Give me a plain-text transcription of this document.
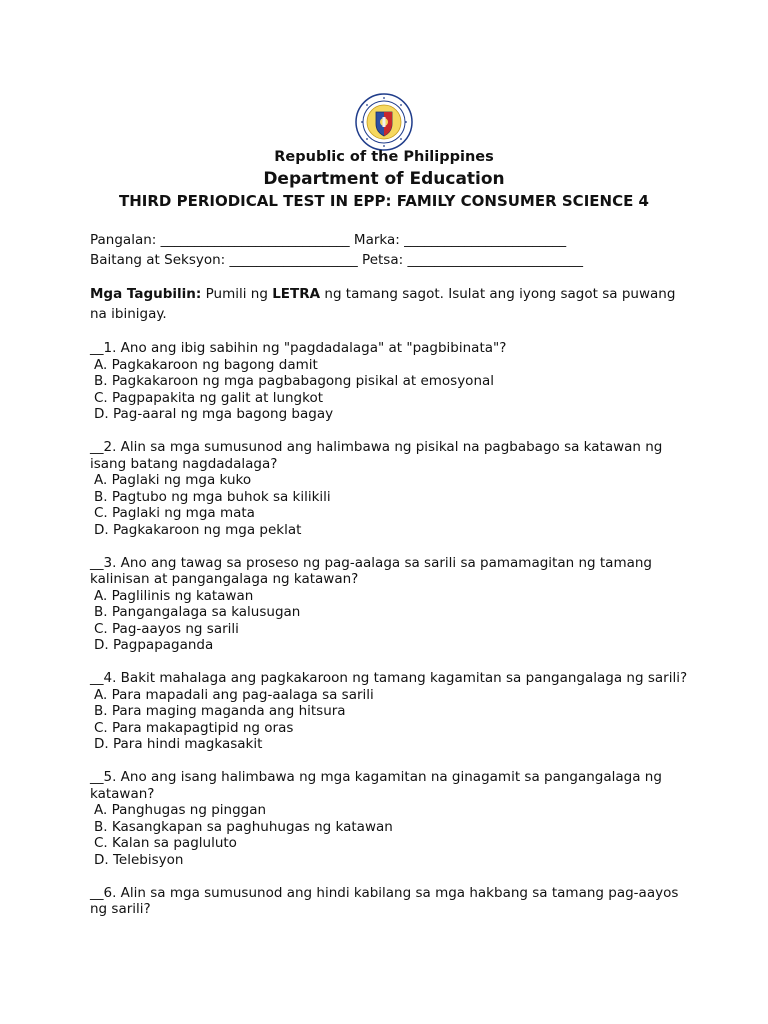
Republic of the Philippines
Department of Education
THIRD PERIODICAL TEST IN EPP: FAMILY CONSUMER SCIENCE 4
Pangalan: ____________________________ Marka: ________________________
Baitang at Seksyon: ___________________ Petsa: __________________________
Mga Tagubilin: Pumili ng LETRA ng tamang sagot. Isulat ang iyong sagot sa puwang na ibinigay.

__1. Ano ang ibig sabihin ng "pagdadalaga" at "pagbibinata"?

A. Pagkakaroon ng bagong damit
B. Pagkakaroon ng mga pagbabagong pisikal at emosyonal
C. Pagpapakita ng galit at lungkot
D. Pag-aaral ng mga bagong bagay

__2. Alin sa mga sumusunod ang halimbawa ng pisikal na pagbabago sa katawan ng isang batang nagdadalaga?

A. Paglaki ng mga kuko
B. Pagtubo ng mga buhok sa kilikili
C. Paglaki ng mga mata
D. Pagkakaroon ng mga peklat

__3. Ano ang tawag sa proseso ng pag-aalaga sa sarili sa pamamagitan ng tamang kalinisan at pangangalaga ng katawan?

A. Paglilinis ng katawan
B. Pangangalaga sa kalusugan
C. Pag-aayos ng sarili
D. Pagpapaganda

__4. Bakit mahalaga ang pagkakaroon ng tamang kagamitan sa pangangalaga ng sarili?

A. Para mapadali ang pag-aalaga sa sarili
B. Para maging maganda ang hitsura
C. Para makapagtipid ng oras
D. Para hindi magkasakit

__5. Ano ang isang halimbawa ng mga kagamitan na ginagamit sa pangangalaga ng katawan?

A. Panghugas ng pinggan
B. Kasangkapan sa paghuhugas ng katawan
C. Kalan sa pagluluto
D. Telebisyon

__6. Alin sa mga sumusunod ang hindi kabilang sa mga hakbang sa tamang pag-aayos ng sarili?
